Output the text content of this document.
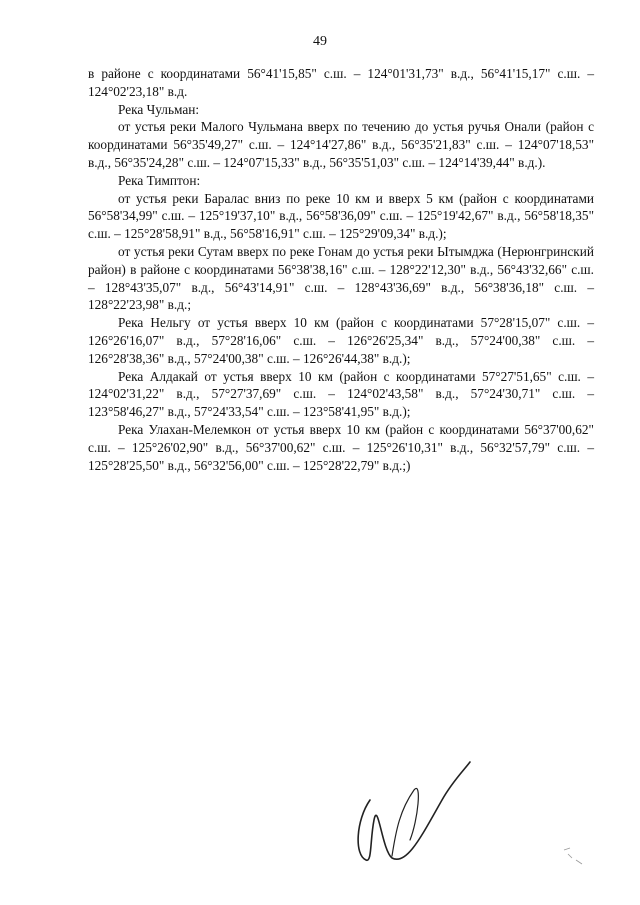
49

в районе с координатами 56°41'15,85" с.ш. – 124°01'31,73" в.д., 56°41'15,17" с.ш. – 124°02'23,18" в.д.

Река Чульман:

от устья реки Малого Чульмана вверх по течению до устья ручья Онали (район с координатами 56°35'49,27" с.ш. – 124°14'27,86" в.д., 56°35'21,83" с.ш. – 124°07'18,53" в.д., 56°35'24,28" с.ш. – 124°07'15,33" в.д., 56°35'51,03" с.ш. – 124°14'39,44" в.д.).

Река Тимптон:

от устья реки Баралас вниз по реке 10 км и вверх 5 км (район с координатами 56°58'34,99" с.ш. – 125°19'37,10" в.д., 56°58'36,09" с.ш. – 125°19'42,67" в.д., 56°58'18,35" с.ш. – 125°28'58,91" в.д., 56°58'16,91" с.ш. – 125°29'09,34" в.д.);

от устья реки Сутам вверх по реке Гонам до устья реки Ытымджа (Нерюнгринский район) в районе с координатами 56°38'38,16" с.ш. – 128°22'12,30" в.д., 56°43'32,66" с.ш. – 128°43'35,07" в.д., 56°43'14,91" с.ш. – 128°43'36,69" в.д., 56°38'36,18" с.ш. – 128°22'23,98" в.д.;

Река Нельгу от устья вверх 10 км (район с координатами 57°28'15,07" с.ш. – 126°26'16,07" в.д., 57°28'16,06" с.ш. – 126°26'25,34" в.д., 57°24'00,38" с.ш. – 126°28'38,36" в.д., 57°24'00,38" с.ш. – 126°26'44,38" в.д.);

Река Алдакай от устья вверх 10 км (район с координатами 57°27'51,65" с.ш. – 124°02'31,22" в.д., 57°27'37,69" с.ш. – 124°02'43,58" в.д., 57°24'30,71" с.ш. – 123°58'46,27" в.д., 57°24'33,54" с.ш. – 123°58'41,95" в.д.);

Река Улахан-Мелемкон от устья вверх 10 км (район с координатами 56°37'00,62" с.ш. – 125°26'02,90" в.д., 56°37'00,62" с.ш. – 125°26'10,31" в.д., 56°32'57,79" с.ш. – 125°28'25,50" в.д., 56°32'56,00" с.ш. – 125°28'22,79" в.д.;)
